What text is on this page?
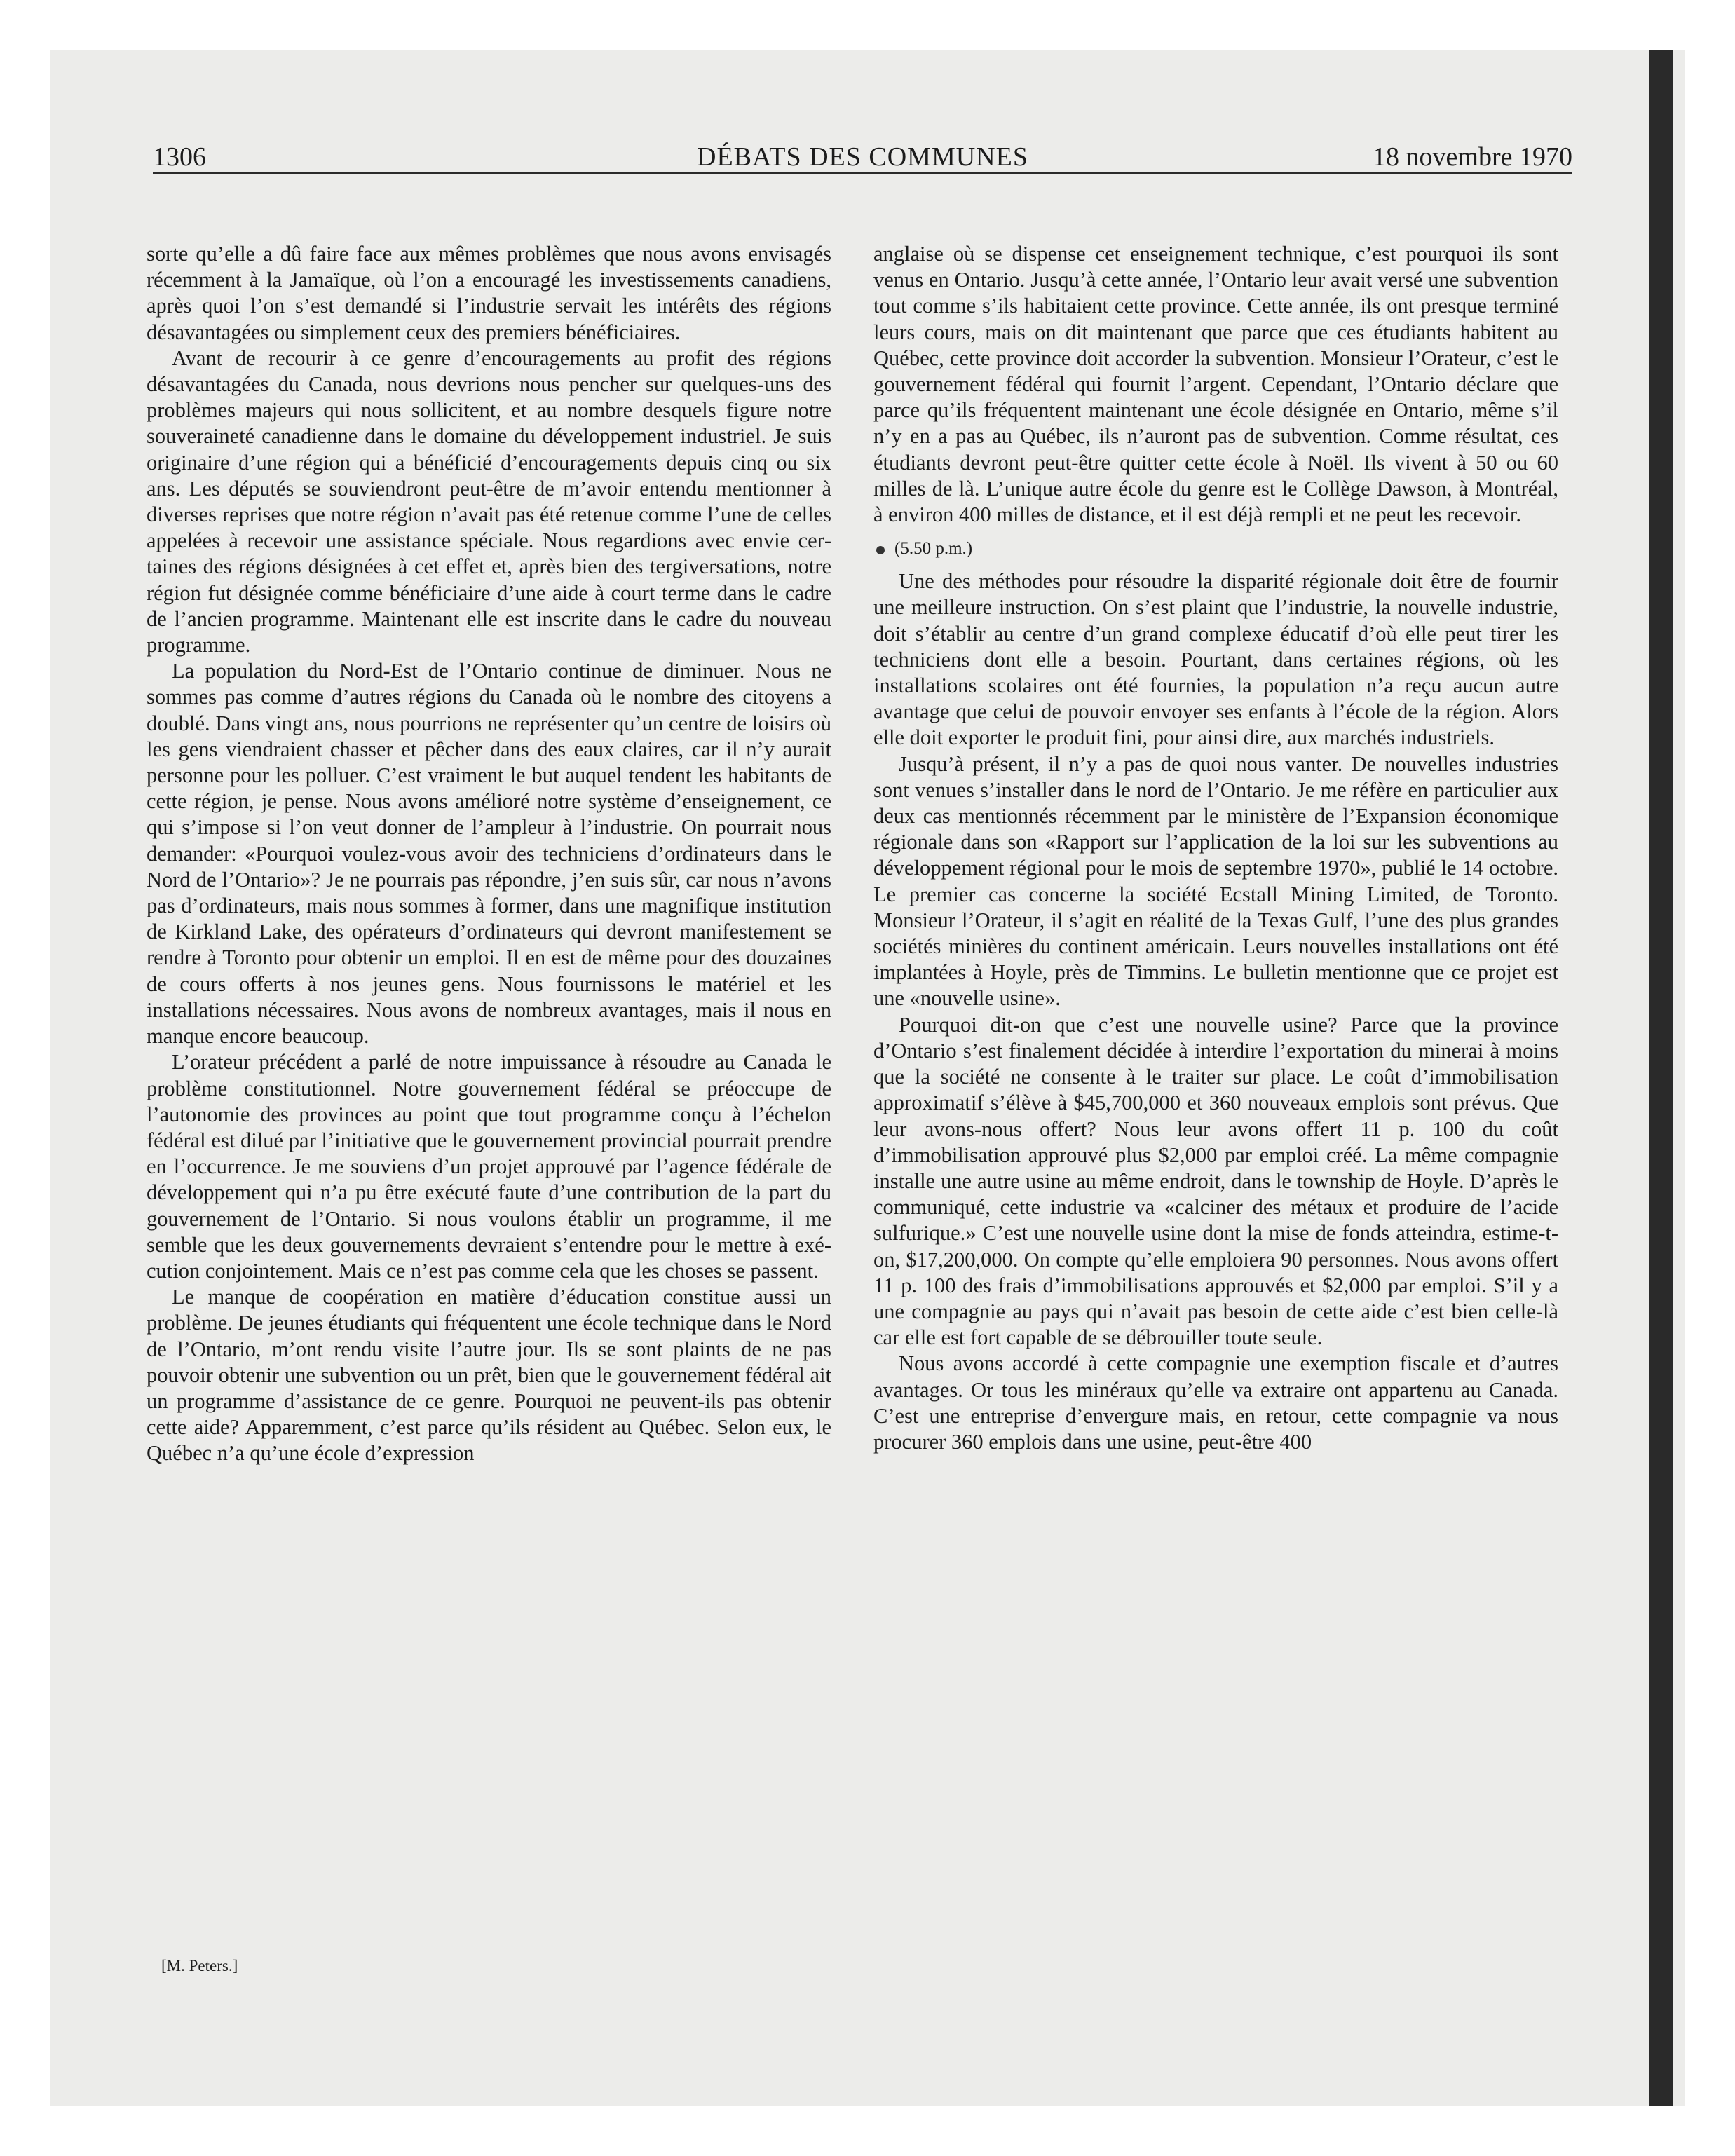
1306	DÉBATS DES COMMUNES	18 novembre 1970

sorte qu’elle a dû faire face aux mêmes problèmes que nous avons envisagés récemment à la Jamaïque, où l’on a encouragé les investissements canadiens, après quoi l’on s’est demandé si l’industrie servait les intérêts des régions désavantagées ou simplement ceux des premiers bénéficiaires.

Avant de recourir à ce genre d’encouragements au profit des régions désavantagées du Canada, nous devrions nous pencher sur quelques-uns des problèmes majeurs qui nous sollicitent, et au nombre desquels figure notre souveraineté canadienne dans le domaine du développement industriel. Je suis originaire d’une région qui a bénéficié d’encouragements depuis cinq ou six ans. Les députés se souviendront peut-être de m’avoir entendu mentionner à diverses reprises que notre région n’avait pas été retenue comme l’une de celles appelées à recevoir une assistance spéciale. Nous regardions avec envie certaines des régions désignées à cet effet et, après bien des tergiversations, notre région fut désignée comme bénéficiaire d’une aide à court terme dans le cadre de l’ancien programme. Maintenant elle est inscrite dans le cadre du nouveau programme.

La population du Nord-Est de l’Ontario continue de diminuer. Nous ne sommes pas comme d’autres régions du Canada où le nombre des citoyens a doublé. Dans vingt ans, nous pourrions ne représenter qu’un centre de loisirs où les gens viendraient chasser et pêcher dans des eaux claires, car il n’y aurait personne pour les polluer. C’est vraiment le but auquel tendent les habitants de cette région, je pense. Nous avons amélioré notre système d’enseignement, ce qui s’impose si l’on veut donner de l’ampleur à l’industrie. On pourrait nous demander: «Pourquoi voulez-vous avoir des techniciens d’ordinateurs dans le Nord de l’Ontario»? Je ne pourrais pas répondre, j’en suis sûr, car nous n’avons pas d’ordinateurs, mais nous sommes à former, dans une magnifique institution de Kirkland Lake, des opérateurs d’ordinateurs qui devront manifestement se rendre à Toronto pour obtenir un emploi. Il en est de même pour des douzaines de cours offerts à nos jeunes gens. Nous fournissons le matériel et les installations nécessaires. Nous avons de nombreux avantages, mais il nous en manque encore beaucoup.

L’orateur précédent a parlé de notre impuissance à résoudre au Canada le problème constitutionnel. Notre gouvernement fédéral se préoccupe de l’autonomie des provinces au point que tout programme conçu à l’échelon fédéral est dilué par l’initiative que le gouvernement provincial pourrait prendre en l’occurrence. Je me souviens d’un projet approuvé par l’agence fédérale de développement qui n’a pu être exécuté faute d’une contribution de la part du gouvernement de l’Ontario. Si nous voulons établir un programme, il me semble que les deux gouvernements devraient s’entendre pour le mettre à exécution conjointement. Mais ce n’est pas comme cela que les choses se passent.

Le manque de coopération en matière d’éducation constitue aussi un problème. De jeunes étudiants qui fréquentent une école technique dans le Nord de l’Ontario, m’ont rendu visite l’autre jour. Ils se sont plaints de ne pas pouvoir obtenir une subvention ou un prêt, bien que le gouvernement fédéral ait un programme d’assistance de ce genre. Pourquoi ne peuvent-ils pas obtenir cette aide? Apparemment, c’est parce qu’ils résident au Québec. Selon eux, le Québec n’a qu’une école d’expression

[M. Peters.]

anglaise où se dispense cet enseignement technique, c’est pourquoi ils sont venus en Ontario. Jusqu’à cette année, l’Ontario leur avait versé une subvention tout comme s’ils habitaient cette province. Cette année, ils ont presque terminé leurs cours, mais on dit maintenant que parce que ces étudiants habitent au Québec, cette province doit accorder la subvention. Monsieur l’Orateur, c’est le gouvernement fédéral qui fournit l’argent. Cependant, l’Ontario déclare que parce qu’ils fréquentent maintenant une école désignée en Ontario, même s’il n’y en a pas au Québec, ils n’auront pas de subvention. Comme résultat, ces étudiants devront peut-être quitter cette école à Noël. Ils vivent à 50 ou 60 milles de là. L’unique autre école du genre est le Collège Dawson, à Montréal, à environ 400 milles de distance, et il est déjà rempli et ne peut les recevoir.

(5.50 p.m.)

Une des méthodes pour résoudre la disparité régionale doit être de fournir une meilleure instruction. On s’est plaint que l’industrie, la nouvelle industrie, doit s’établir au centre d’un grand complexe éducatif d’où elle peut tirer les techniciens dont elle a besoin. Pourtant, dans certaines régions, où les installations scolaires ont été fournies, la population n’a reçu aucun autre avantage que celui de pouvoir envoyer ses enfants à l’école de la région. Alors elle doit exporter le produit fini, pour ainsi dire, aux marchés industriels.

Jusqu’à présent, il n’y a pas de quoi nous vanter. De nouvelles industries sont venues s’installer dans le nord de l’Ontario. Je me réfère en particulier aux deux cas mentionnés récemment par le ministère de l’Expansion économique régionale dans son «Rapport sur l’application de la loi sur les subventions au développement régional pour le mois de septembre 1970», publié le 14 octobre. Le premier cas concerne la société Ecstall Mining Limited, de Toronto. Monsieur l’Orateur, il s’agit en réalité de la Texas Gulf, l’une des plus grandes sociétés minières du continent américain. Leurs nouvelles installations ont été implantées à Hoyle, près de Timmins. Le bulletin mentionne que ce projet est une «nouvelle usine».

Pourquoi dit-on que c’est une nouvelle usine? Parce que la province d’Ontario s’est finalement décidée à interdire l’exportation du minerai à moins que la société ne consente à le traiter sur place. Le coût d’immobilisation approximatif s’élève à $45,700,000 et 360 nouveaux emplois sont prévus. Que leur avons-nous offert? Nous leur avons offert 11 p. 100 du coût d’immobilisation approuvé plus $2,000 par emploi créé. La même compagnie installe une autre usine au même endroit, dans le township de Hoyle. D’après le communiqué, cette industrie va «calciner des métaux et produire de l’acide sulfurique.» C’est une nouvelle usine dont la mise de fonds atteindra, estime-t-on, $17,200,000. On compte qu’elle emploiera 90 personnes. Nous avons offert 11 p. 100 des frais d’immobilisations approuvés et $2,000 par emploi. S’il y a une compagnie au pays qui n’avait pas besoin de cette aide c’est bien celle-là car elle est fort capable de se débrouiller toute seule.

Nous avons accordé à cette compagnie une exemption fiscale et d’autres avantages. Or tous les minéraux qu’elle va extraire ont appartenu au Canada. C’est une entreprise d’envergure mais, en retour, cette compagnie va nous procurer 360 emplois dans une usine, peut-être 400
